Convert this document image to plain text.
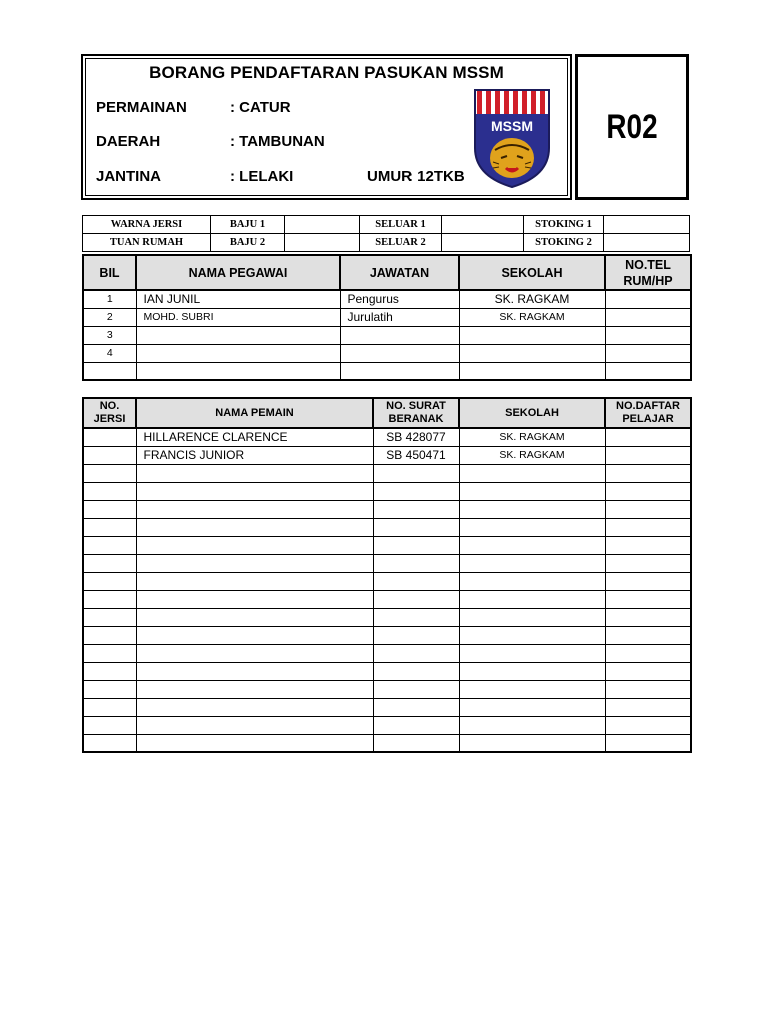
BORANG PENDAFTARAN PASUKAN MSSM
PERMAINAN	: CATUR
DAERAH	: TAMBUNAN
JANTINA	: LELAKI	UMUR
: 12TKB
MSSM	R02
WARNA JERSI	BAJU 1		SELUAR 1		STOKING 1	
TUAN RUMAH	BAJU 2		SELUAR 2		STOKING 2	
BIL	NAMA PEGAWAI	JAWATAN	SEKOLAH	NO.TEL RUM/HP
1	IAN JUNIL	Pengurus	SK. RAGKAM	
2	MOHD. SUBRI	Jurulatih	SK. RAGKAM	
3				
4				

NO. JERSI	NAMA PEMAIN	NO. SURAT BERANAK	SEKOLAH	NO.DAFTAR PELAJAR
	HILLARENCE CLARENCE	SB 428077	SK. RAGKAM	
	FRANCIS JUNIOR	SB 450471	SK. RAGKAM	
